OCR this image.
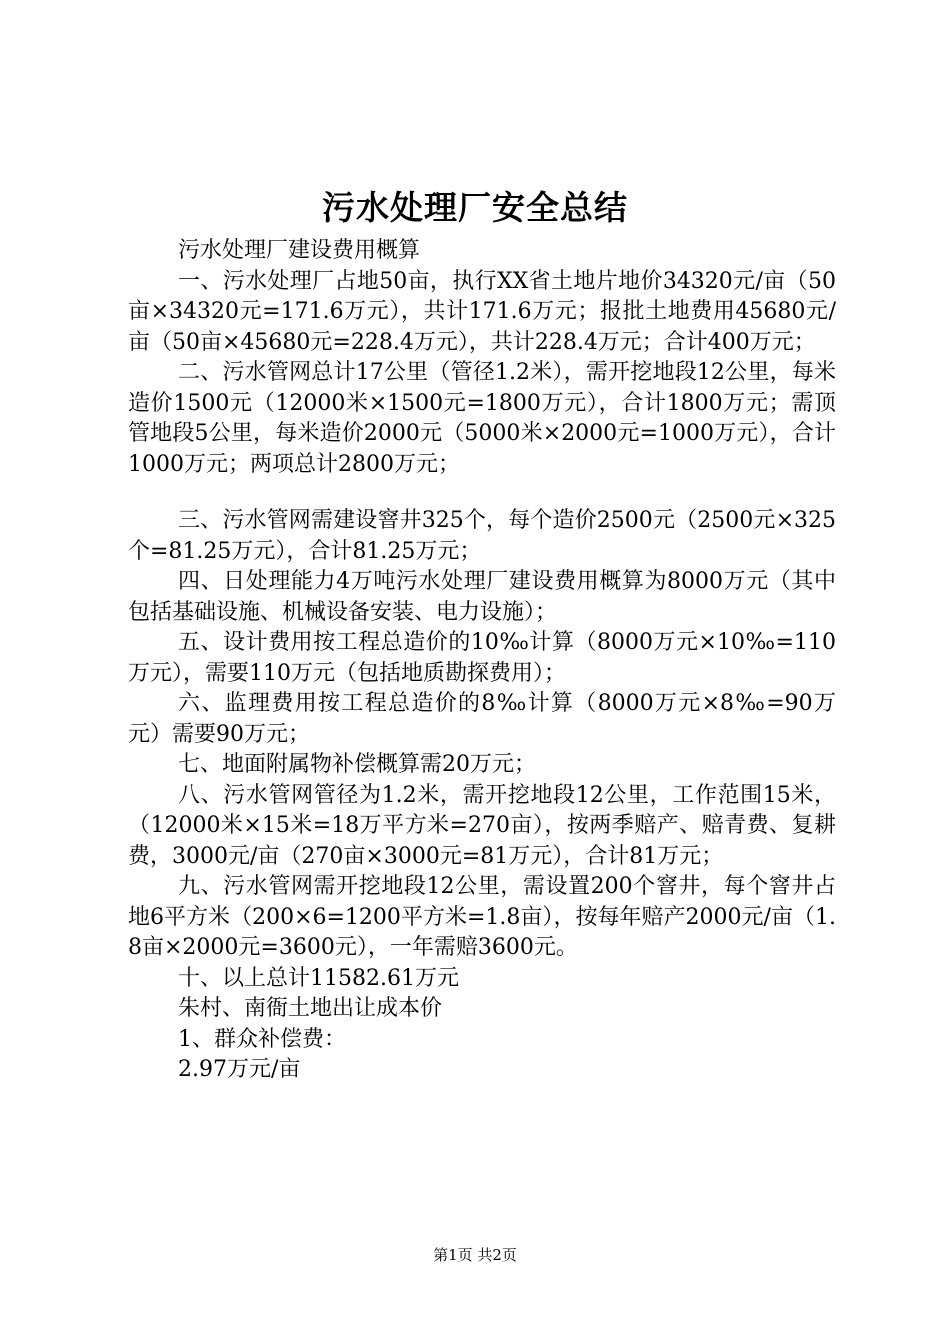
污水处理厂安全总结

污水处理厂建设费用概算

一、污水处理厂占地50亩，执行XX省土地片地价34320元/亩（50亩×34320元=171.6万元），共计171.6万元；报批土地费用45680元/亩（50亩×45680元=228.4万元），共计228.4万元；合计400万元；

二、污水管网总计17公里（管径1.2米），需开挖地段12公里，每米造价1500元（12000米×1500元=1800万元），合计1800万元；需顶管地段5公里，每米造价2000元（5000米×2000元=1000万元），合计1000万元；两项总计2800万元；

三、污水管网需建设窨井325个，每个造价2500元（2500元×325个=81.25万元），合计81.25万元；

四、日处理能力4万吨污水处理厂建设费用概算为8000万元（其中包括基础设施、机械设备安装、电力设施）；

五、设计费用按工程总造价的10‰计算（8000万元×10‰=110万元），需要110万元（包括地质勘探费用）；

六、监理费用按工程总造价的8‰计算（8000万元×8‰=90万元）需要90万元；

七、地面附属物补偿概算需20万元；

八、污水管网管径为1.2米，需开挖地段12公里，工作范围15米，（12000米×15米=18万平方米=270亩），按两季赔产、赔青费、复耕费，3000元/亩（270亩×3000元=81万元），合计81万元；

九、污水管网需开挖地段12公里，需设置200个窨井，每个窨井占地6平方米（200×6=1200平方米=1.8亩），按每年赔产2000元/亩（1.8亩×2000元=3600元），一年需赔3600元。

十、以上总计11582.61万元

朱村、南衙土地出让成本价

1、群众补偿费：

2.97万元/亩

第1页 共2页
